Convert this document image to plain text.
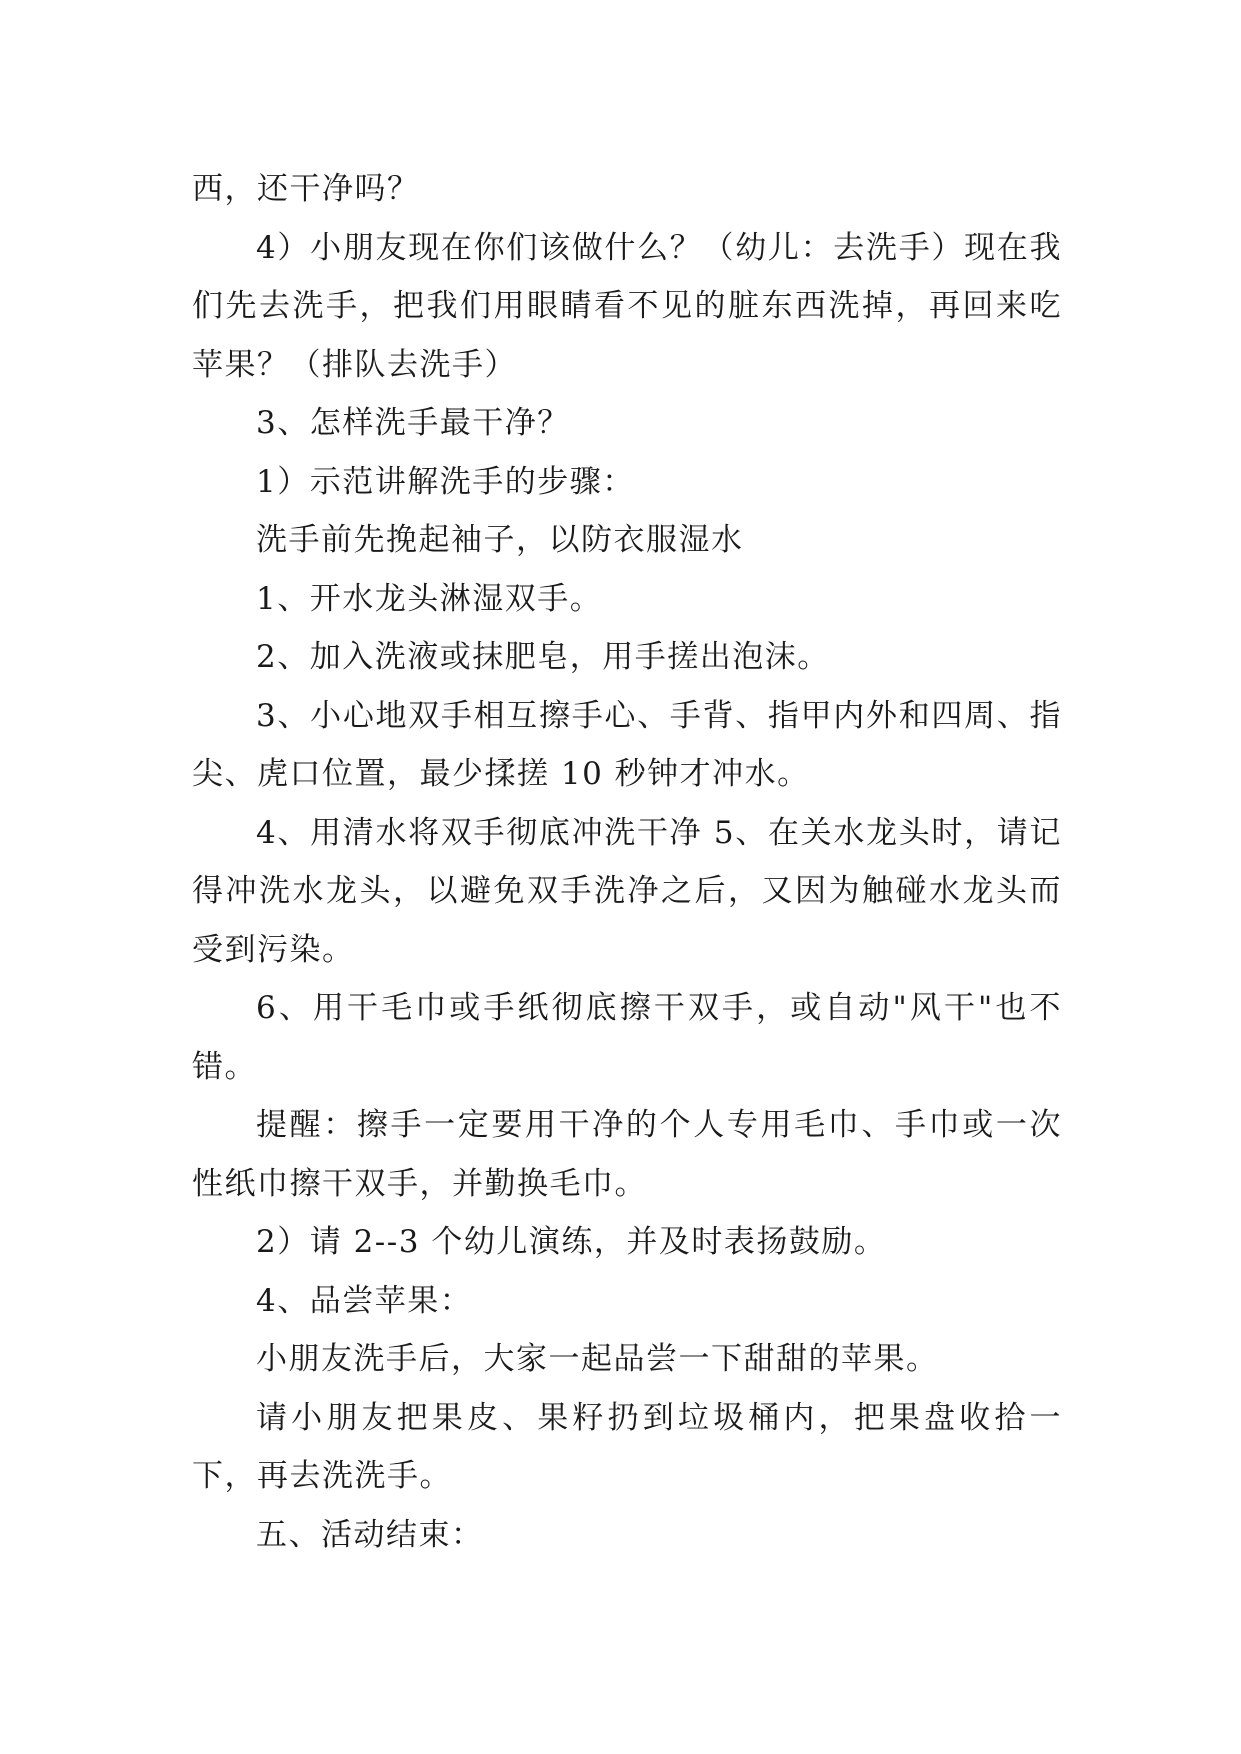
西，还干净吗？

4）小朋友现在你们该做什么？（幼儿：去洗手）现在我们先去洗手，把我们用眼睛看不见的脏东西洗掉，再回来吃苹果？（排队去洗手）

3、怎样洗手最干净？

1）示范讲解洗手的步骤：

洗手前先挽起袖子，以防衣服湿水

1、开水龙头淋湿双手。

2、加入洗液或抹肥皂，用手搓出泡沫。

3、小心地双手相互擦手心、手背、指甲内外和四周、指尖、虎口位置，最少揉搓 10 秒钟才冲水。

4、用清水将双手彻底冲洗干净 5、在关水龙头时，请记得冲洗水龙头，以避免双手洗净之后，又因为触碰水龙头而受到污染。

6、用干毛巾或手纸彻底擦干双手，或自动"风干"也不错。

提醒：擦手一定要用干净的个人专用毛巾、手巾或一次性纸巾擦干双手，并勤换毛巾。

2）请 2--3 个幼儿演练，并及时表扬鼓励。

4、品尝苹果：

小朋友洗手后，大家一起品尝一下甜甜的苹果。

请小朋友把果皮、果籽扔到垃圾桶内，把果盘收拾一下，再去洗洗手。

五、活动结束：
